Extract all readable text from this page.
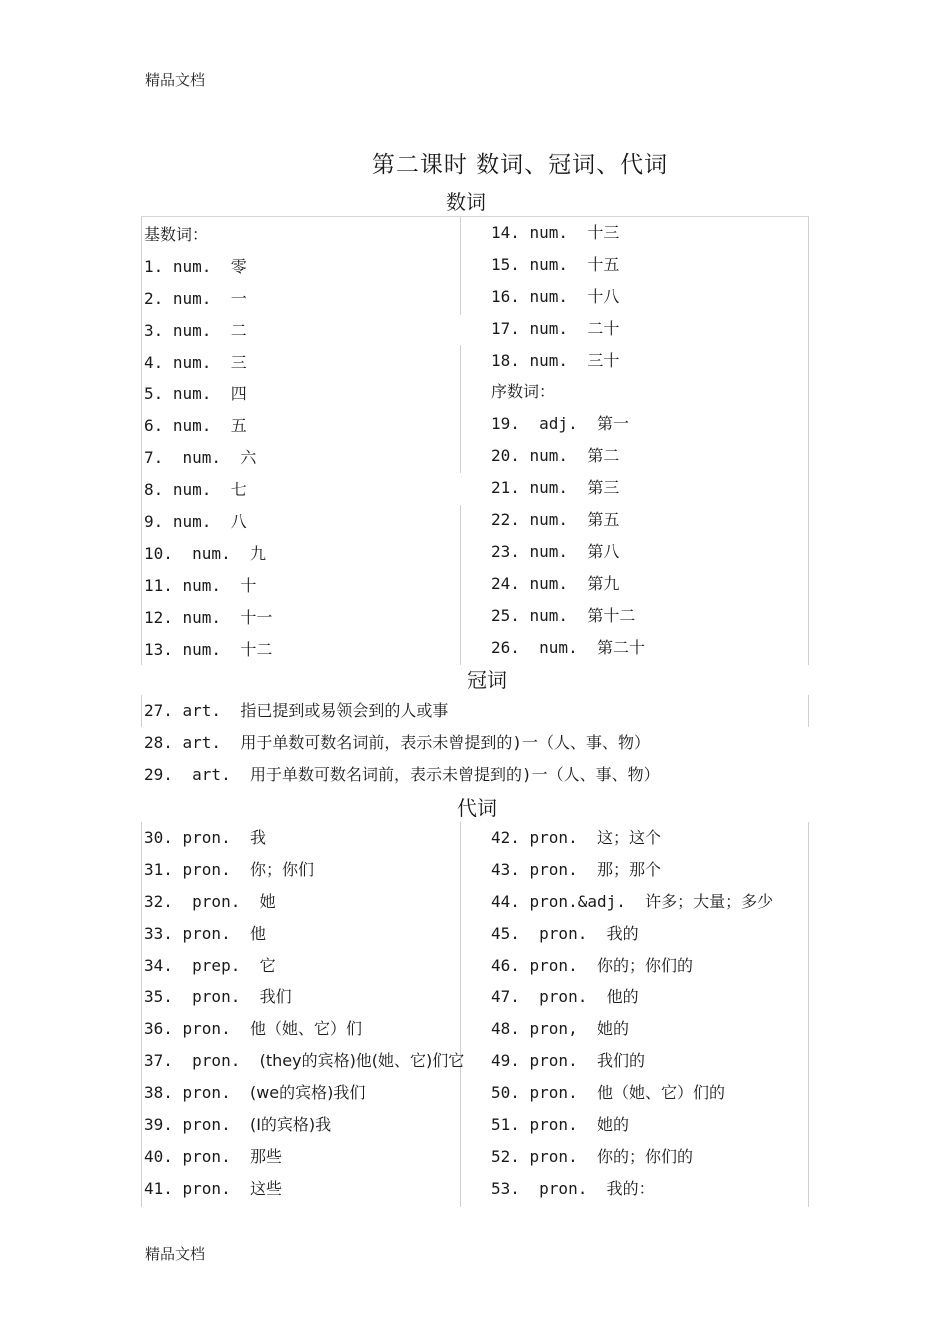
精品文档
第二课时 数词、冠词、代词
数词
基数词：
1. num. 零
2. num. 一
3. num. 二
4. num. 三
5. num. 四
6. num. 五
7.  num. 六
8. num. 七
9. num. 八
10.  num. 九
11. num. 十
12. num. 十一
13. num. 十二
14. num. 十三
15. num. 十五
16. num. 十八
17. num. 二十
18. num. 三十
序数词：
19.  adj. 第一
20. num. 第二
21. num. 第三
22. num. 第五
23. num. 第八
24. num. 第九
25. num. 第十二
26.  num. 第二十
冠词
27. art. 指已提到或易领会到的人或事
28. art. 用于单数可数名词前，表示未曾提到的)一（人、事、物）
29.  art. 用于单数可数名词前，表示未曾提到的)一（人、事、物）
代词
30. pron. 我
31. pron. 你；你们
32.  pron. 她
33. pron. 他
34.  prep. 它
35.  pron. 我们
36. pron. 他（她、它）们
37.  pron. (they的宾格)他(她、它)们它
38. pron. (we的宾格)我们
39. pron. (I的宾格)我
40. pron. 那些
41. pron. 这些
42. pron. 这；这个
43. pron. 那；那个
44. pron.&adj. 许多；大量；多少
45.  pron. 我的
46. pron. 你的；你们的
47.  pron. 他的
48. pron, 她的
49. pron. 我们的
50. pron. 他（她、它）们的
51. pron. 她的
52. pron. 你的；你们的
53.  pron. 我的：
精品文档
